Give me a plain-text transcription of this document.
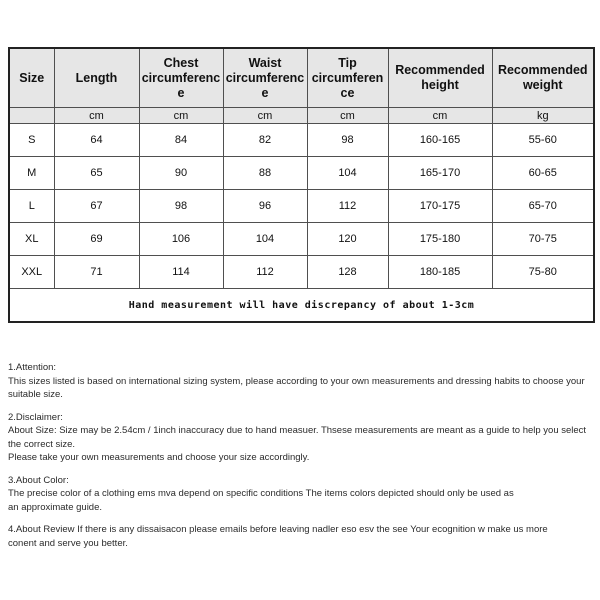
Size	Length	Chest circumference	Waist circumference	Tip circumference	Recommended height	Recommended weight
	cm	cm	cm	cm	cm	kg
S	64	84	82	98	160-165	55-60
M	65	90	88	104	165-170	60-65
L	67	98	96	112	170-175	65-70
XL	69	106	104	120	175-180	70-75
XXL	71	114	112	128	180-185	75-80
Hand measurement will have discrepancy of about 1-3cm						
1.Attention:
This sizes listed is based on international sizing system, please according to your own measurements and dressing habits to choose your suitable size.
2.Disclaimer:
About Size: Size may be 2.54cm / 1inch inaccuracy due to hand measuer. Thsese measurements are meant as a guide to help you select the correct size.
Please take your own measurements and choose your size accordingly.
3.About Color:
The precise color of a clothing ems mva depend on specific conditions The items colors depicted should only be used as
an approximate guide.
4.About Review If there is any dissaisacon please emails before leaving nadler eso esv the see Your ecognition w make us more
conent and serve you better.
